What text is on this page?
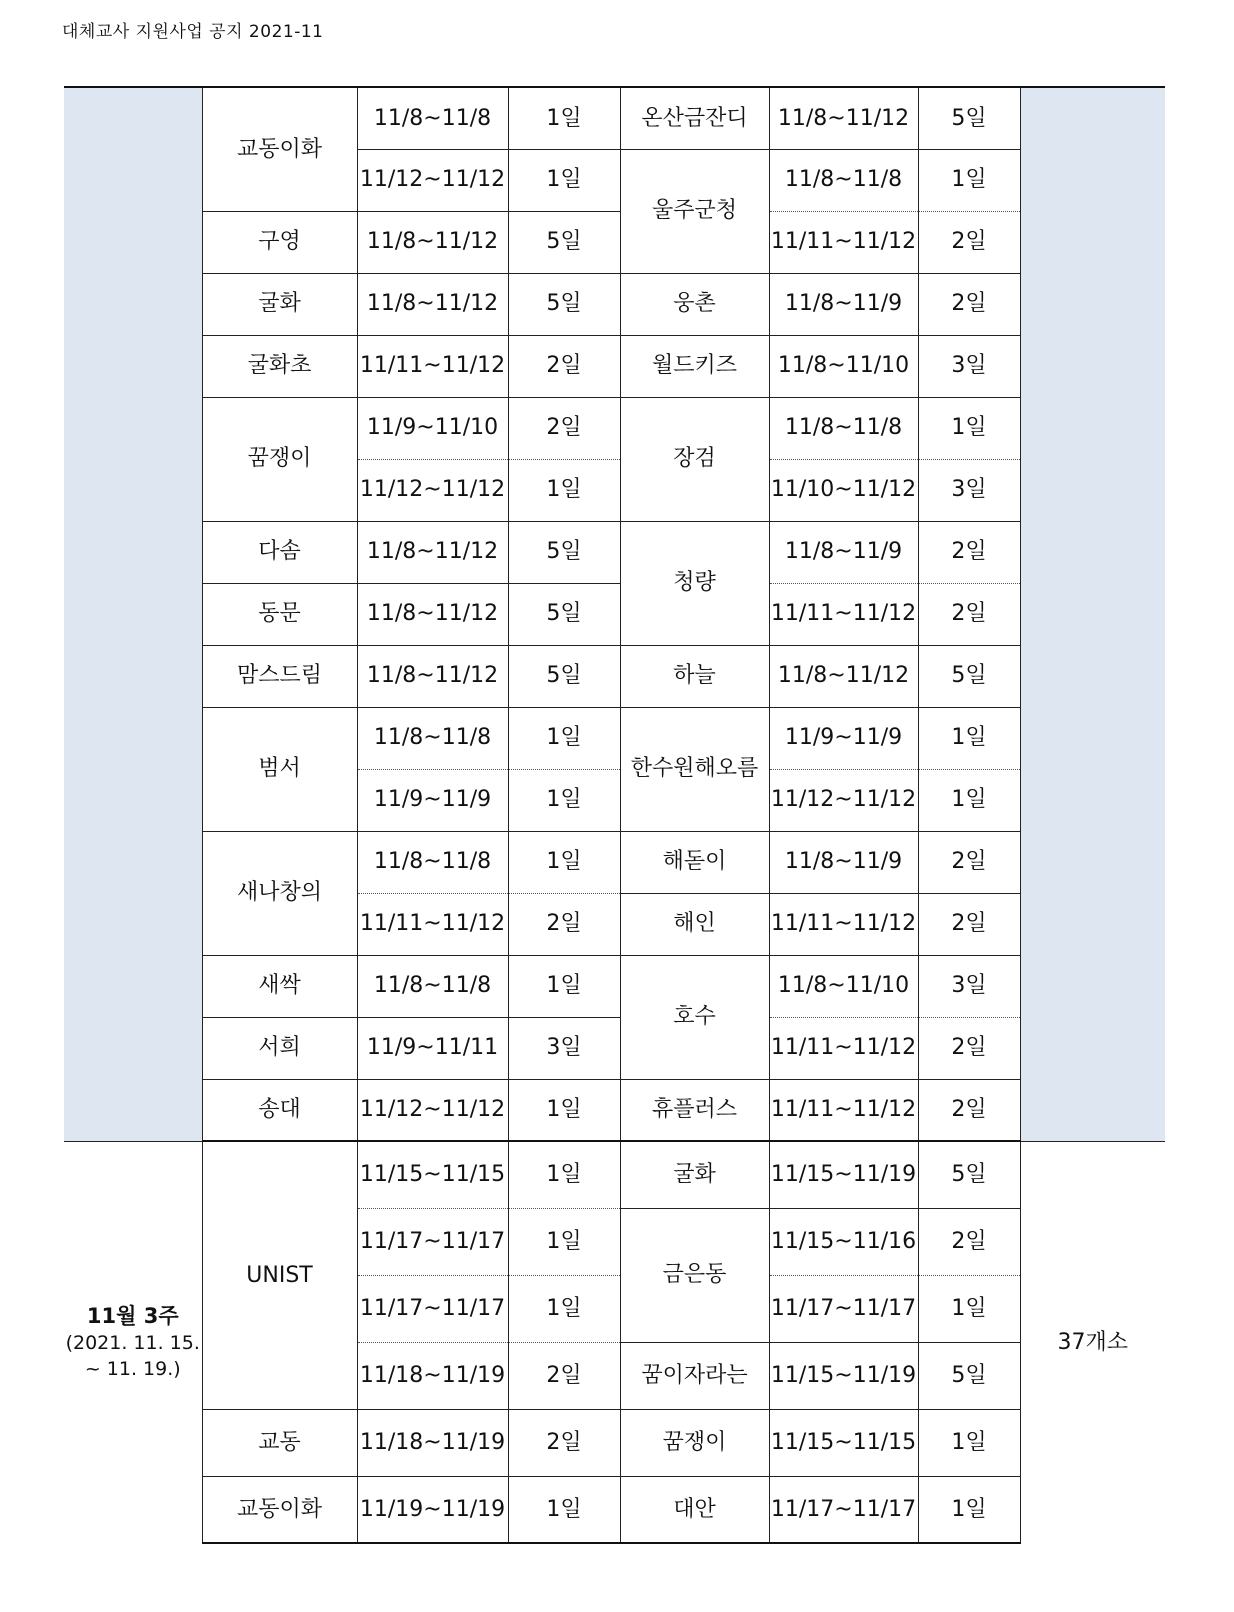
대체교사 지원사업 공지 2021-11
	교동이화	11/8~11/8	1일	온산금잔디	11/8~11/12	5일	
		11/12~11/12	1일	울주군청	11/8~11/8	1일	
	구영	11/8~11/12	5일		11/11~11/12	2일	
	굴화	11/8~11/12	5일	웅촌	11/8~11/9	2일	
	굴화초	11/11~11/12	2일	월드키즈	11/8~11/10	3일	
	꿈쟁이	11/9~11/10	2일	장검	11/8~11/8	1일	
		11/12~11/12	1일		11/10~11/12	3일	
	다솜	11/8~11/12	5일	청량	11/8~11/9	2일	
	동문	11/8~11/12	5일		11/11~11/12	2일	
	맘스드림	11/8~11/12	5일	하늘	11/8~11/12	5일	
	범서	11/8~11/8	1일	한수원해오름	11/9~11/9	1일	
		11/9~11/9	1일		11/12~11/12	1일	
	새나창의	11/8~11/8	1일	해돋이	11/8~11/9	2일	
		11/11~11/12	2일	해인	11/11~11/12	2일	
	새싹	11/8~11/8	1일	호수	11/8~11/10	3일	
	서희	11/9~11/11	3일		11/11~11/12	2일	
	송대	11/12~11/12	1일	휴플러스	11/11~11/12	2일	
11월 3주
(2021. 11. 15.
~ 11. 19.)	UNIST	11/15~11/15	1일	굴화	11/15~11/19	5일	37개소
		11/17~11/17	1일	금은동	11/15~11/16	2일	
		11/17~11/17	1일		11/17~11/17	1일	
		11/18~11/19	2일	꿈이자라는	11/15~11/19	5일	
	교동	11/18~11/19	2일	꿈쟁이	11/15~11/15	1일	
	교동이화	11/19~11/19	1일	대안	11/17~11/17	1일	
